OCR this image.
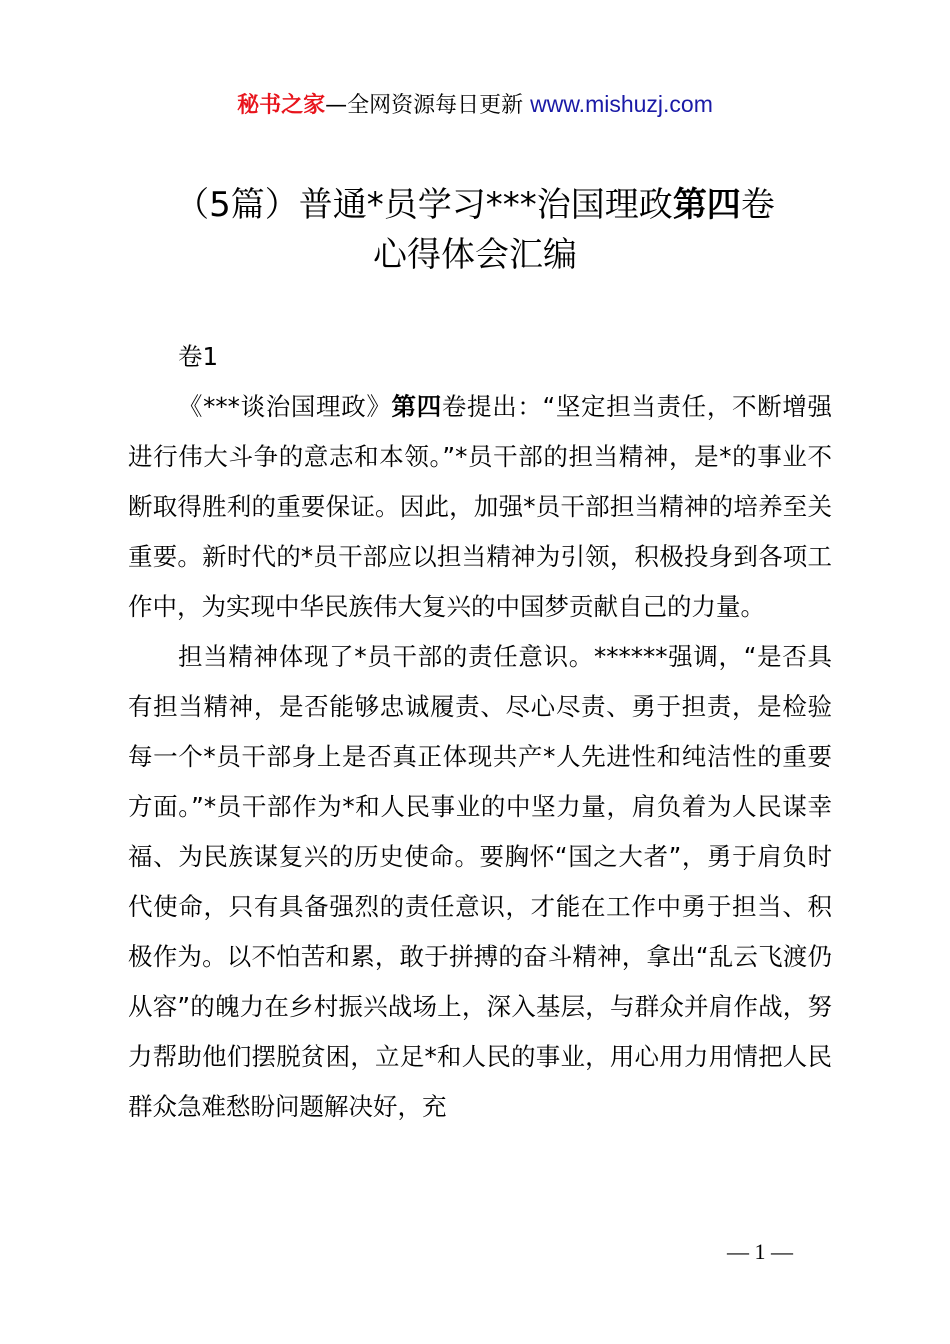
秘书之家—全网资源每日更新 www.mishuzj.com
（5篇）普通*员学习***治国理政第四卷
心得体会汇编

卷1

《***谈治国理政》第四卷提出：“坚定担当责任，不断增强进行伟大斗争的意志和本领。”*员干部的担当精神，是*的事业不断取得胜利的重要保证。因此，加强*员干部担当精神的培养至关重要。新时代的*员干部应以担当精神为引领，积极投身到各项工作中，为实现中华民族伟大复兴的中国梦贡献自己的力量。

担当精神体现了*员干部的责任意识。******强调，“是否具有担当精神，是否能够忠诚履责、尽心尽责、勇于担责，是检验每一个*员干部身上是否真正体现共产*人先进性和纯洁性的重要方面。”*员干部作为*和人民事业的中坚力量，肩负着为人民谋幸福、为民族谋复兴的历史使命。要胸怀“国之大者”，勇于肩负时代使命，只有具备强烈的责任意识，才能在工作中勇于担当、积极作为。以不怕苦和累，敢于拼搏的奋斗精神，拿出“乱云飞渡仍从容”的魄力在乡村振兴战场上，深入基层，与群众并肩作战，努力帮助他们摆脱贫困，立足*和人民的事业，用心用力用情把人民群众急难愁盼问题解决好，充

— 1 —
